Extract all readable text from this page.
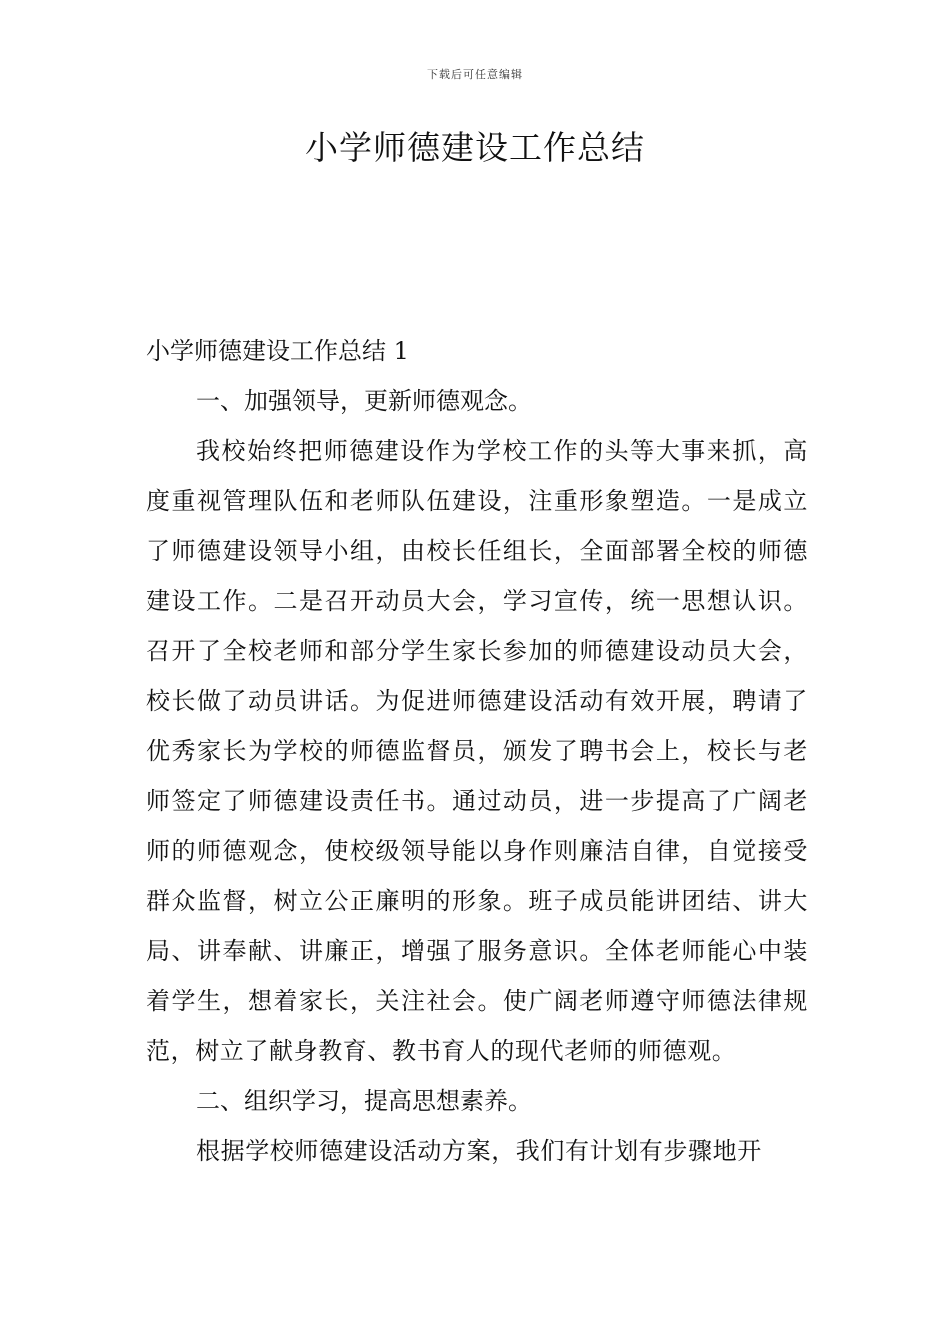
下载后可任意编辑
小学师德建设工作总结

小学师德建设工作总结 1

一、加强领导，更新师德观念。

我校始终把师德建设作为学校工作的头等大事来抓，高度重视管理队伍和老师队伍建设，注重形象塑造。一是成立了师德建设领导小组，由校长任组长，全面部署全校的师德建设工作。二是召开动员大会，学习宣传，统一思想认识。召开了全校老师和部分学生家长参加的师德建设动员大会，校长做了动员讲话。为促进师德建设活动有效开展，聘请了优秀家长为学校的师德监督员，颁发了聘书会上，校长与老师签定了师德建设责任书。通过动员，进一步提高了广阔老师的师德观念，使校级领导能以身作则廉洁自律，自觉接受群众监督，树立公正廉明的形象。班子成员能讲团结、讲大局、讲奉献、讲廉正，增强了服务意识。全体老师能心中装着学生，想着家长，关注社会。使广阔老师遵守师德法律规范，树立了献身教育、教书育人的现代老师的师德观。

二、组织学习，提高思想素养。

根据学校师德建设活动方案，我们有计划有步骤地开
